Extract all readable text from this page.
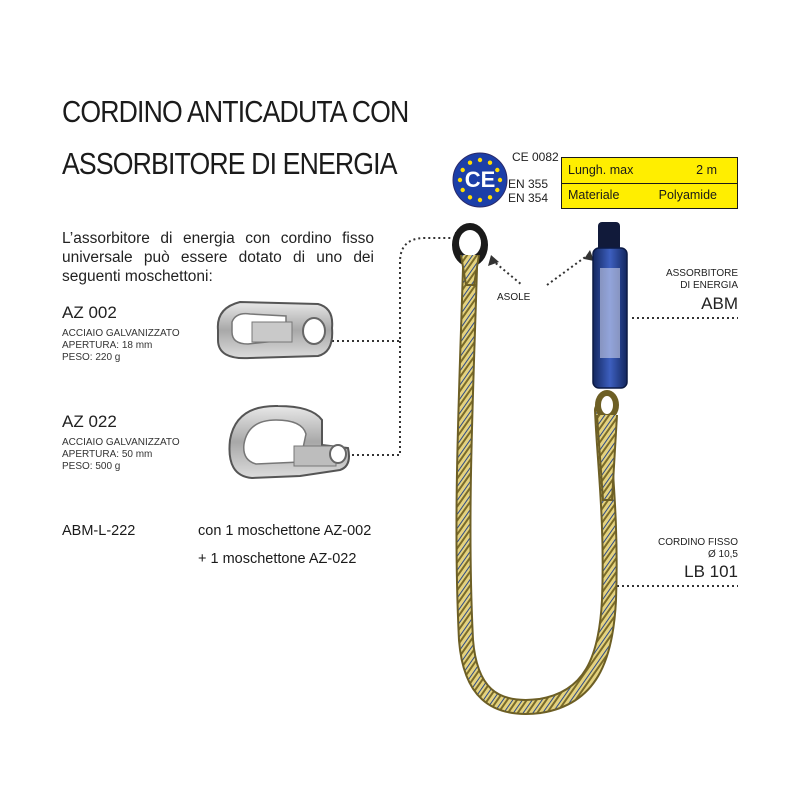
CORDINO ANTICADUTA CON
ASSORBITORE DI ENERGIA
L’assorbitore di energia con cordino fisso universale può essere dotato di uno dei seguenti moschettoni:
AZ 002
ACCIAIO GALVANIZZATO
APERTURA: 18 mm
PESO: 220 g
AZ 022
ACCIAIO GALVANIZZATO
APERTURA: 50 mm
PESO: 500 g
ABM-L-222	con 1 moschettone AZ-002
+ 1 moschettone AZ-022
CE
CE 0082
EN 355
EN 354
Lungh. max	2 m
Materiale	Polyamide
ASOLE
ASSORBITORE
DI ENERGIA
ABM
CORDINO FISSO
Ø 10,5
LB 101
